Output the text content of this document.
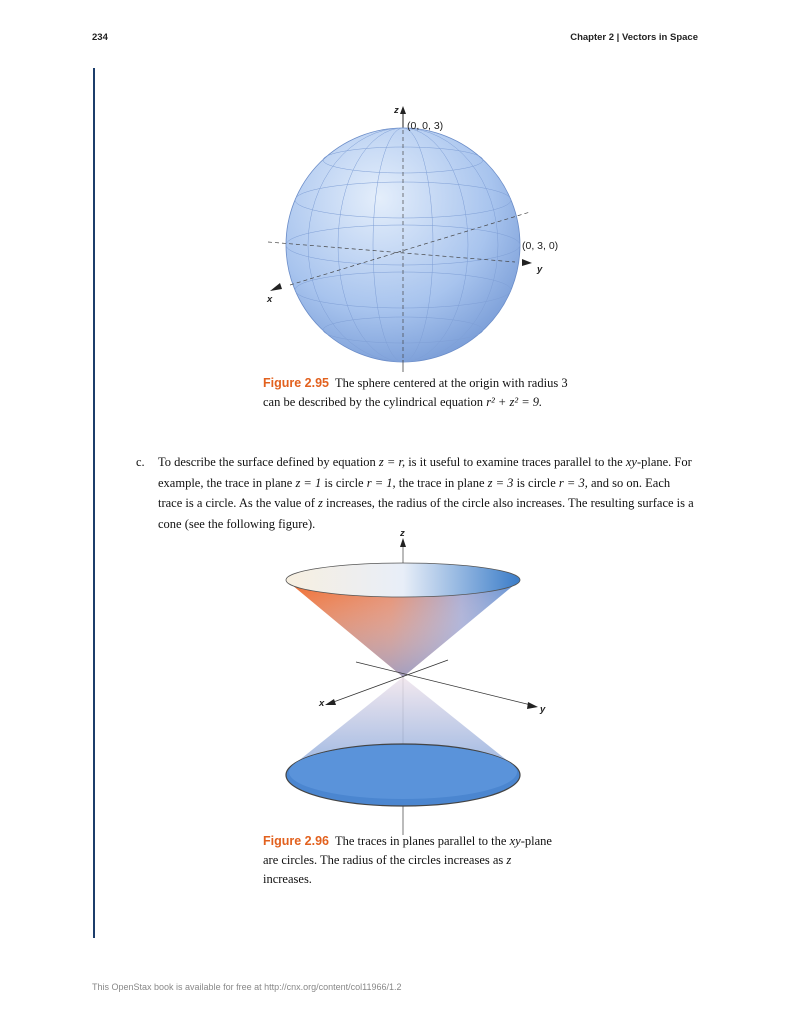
234	Chapter 2 | Vectors in Space
z
(0, 0, 3)
(0, 3, 0)
y
x
z
y
x
Figure 2.95 The sphere centered at the origin with radius 3
can be described by the cylindrical equation r² + z² = 9.
c. To describe the surface defined by equation z = r, is it useful to examine traces parallel to the xy-plane. For example, the trace in plane z = 1 is circle r = 1, the trace in plane z = 3 is circle r = 3, and so on. Each trace is a circle. As the value of z increases, the radius of the circle also increases. The resulting surface is a cone (see the following figure).
Figure 2.96 The traces in planes parallel to the xy-plane are circles. The radius of the circles increases as z increases.
This OpenStax book is available for free at http://cnx.org/content/col11966/1.2
